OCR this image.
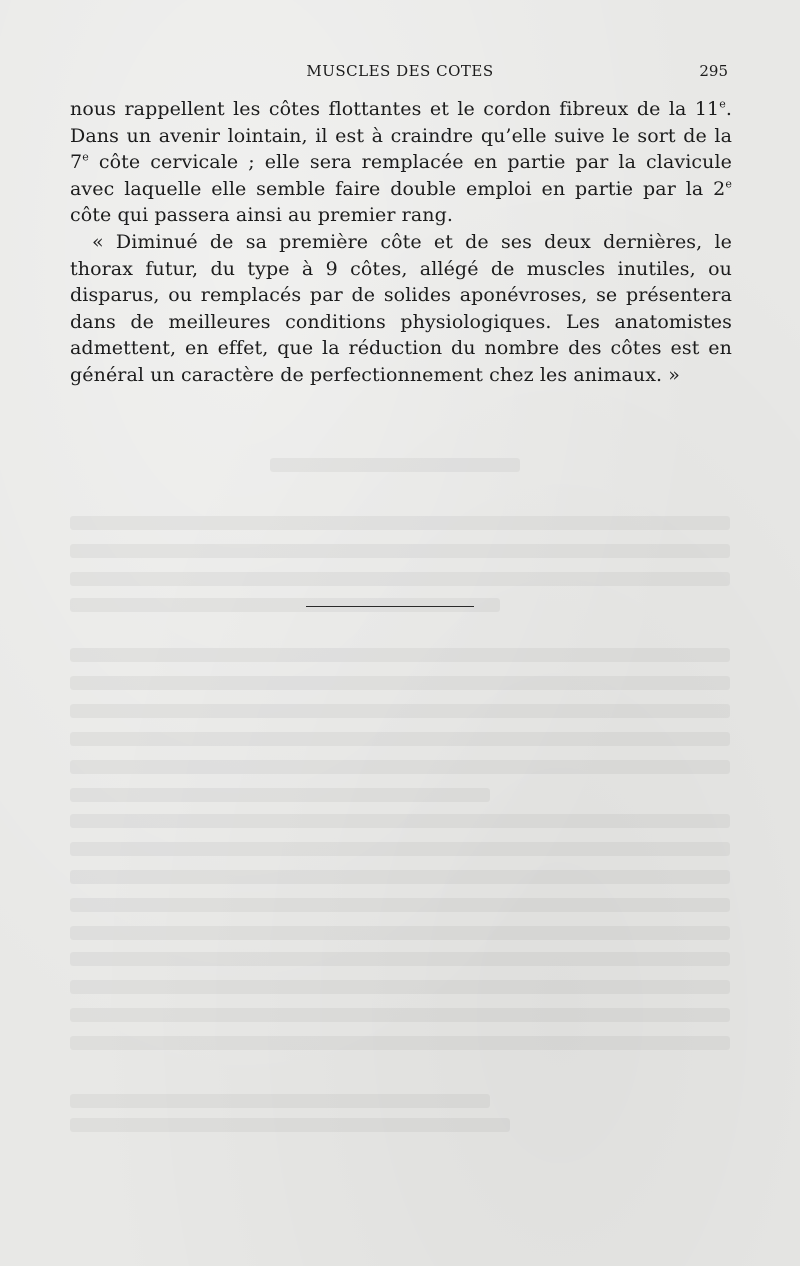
MUSCLES DES COTES	295

nous rappellent les côtes flottantes et le cordon fibreux de la 11e. Dans un avenir lointain, il est à craindre qu’elle suive le sort de la 7e côte cervicale ; elle sera remplacée en partie par la clavicule avec laquelle elle semble faire double emploi en partie par la 2e côte qui passera ainsi au premier rang.

« Diminué de sa première côte et de ses deux dernières, le thorax futur, du type à 9 côtes, allégé de muscles inutiles, ou disparus, ou remplacés par de solides aponévroses, se présentera dans de meilleures conditions physiologiques. Les anatomistes admettent, en effet, que la réduction du nombre des côtes est en général un caractère de perfectionnement chez les animaux. »
